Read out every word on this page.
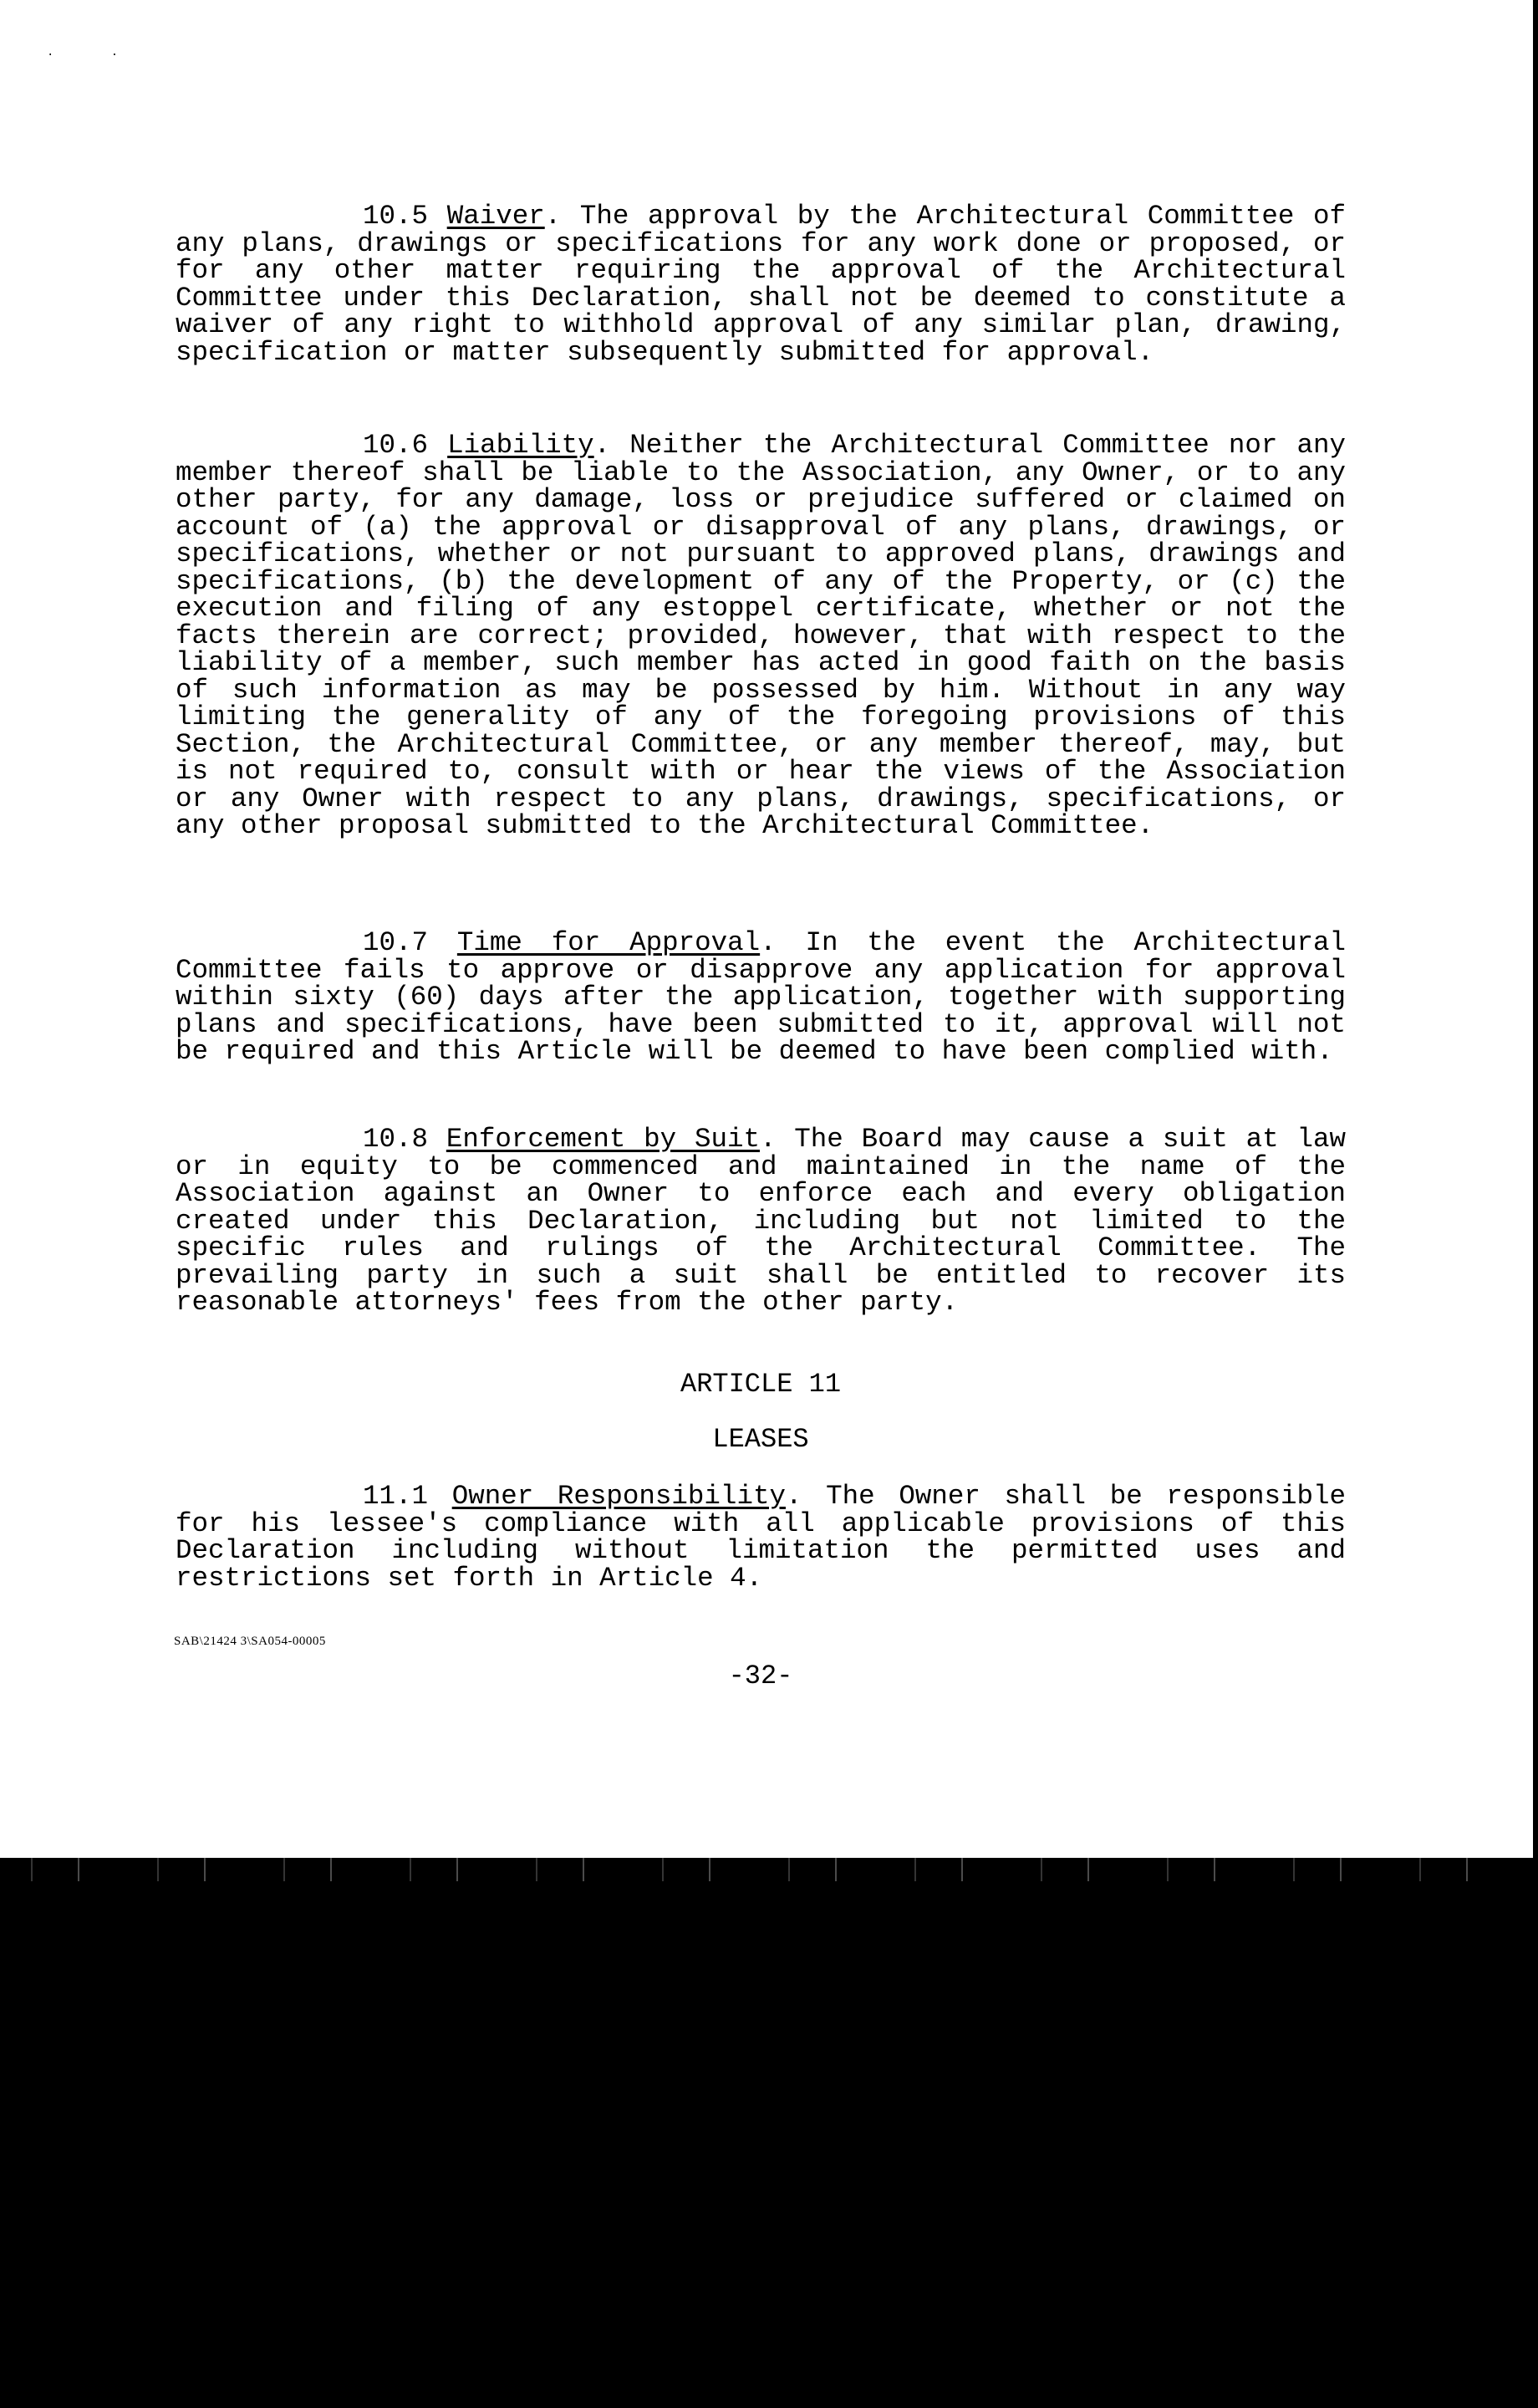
· ·

10.5 Waiver. The approval by the Architectural Committee of any plans, drawings or specifications for any work done or proposed, or for any other matter requiring the approval of the Architectural Committee under this Declaration, shall not be deemed to constitute a waiver of any right to withhold approval of any similar plan, drawing, specification or matter subsequently submitted for approval.

10.6 Liability. Neither the Architectural Committee nor any member thereof shall be liable to the Association, any Owner, or to any other party, for any damage, loss or prejudice suffered or claimed on account of (a) the approval or disapproval of any plans, drawings, or specifications, whether or not pursuant to approved plans, drawings and specifications, (b) the development of any of the Property, or (c) the execution and filing of any estoppel certificate, whether or not the facts therein are correct; provided, however, that with respect to the liability of a member, such member has acted in good faith on the basis of such information as may be possessed by him. Without in any way limiting the generality of any of the foregoing provisions of this Section, the Architectural Committee, or any member thereof, may, but is not required to, consult with or hear the views of the Association or any Owner with respect to any plans, drawings, specifications, or any other proposal submitted to the Architectural Committee.

10.7 Time for Approval. In the event the Architectural Committee fails to approve or disapprove any application for approval within sixty (60) days after the application, together with supporting plans and specifications, have been submitted to it, approval will not be required and this Article will be deemed to have been complied with.

10.8 Enforcement by Suit. The Board may cause a suit at law or in equity to be commenced and maintained in the name of the Association against an Owner to enforce each and every obligation created under this Declaration, including but not limited to the specific rules and rulings of the Architectural Committee. The prevailing party in such a suit shall be entitled to recover its reasonable attorneys' fees from the other party.

ARTICLE 11

LEASES

11.1 Owner Responsibility. The Owner shall be responsible for his lessee's compliance with all applicable provisions of this Declaration including without limitation the permitted uses and restrictions set forth in Article 4.

SAB\21424 3\SA054-00005
-32-
